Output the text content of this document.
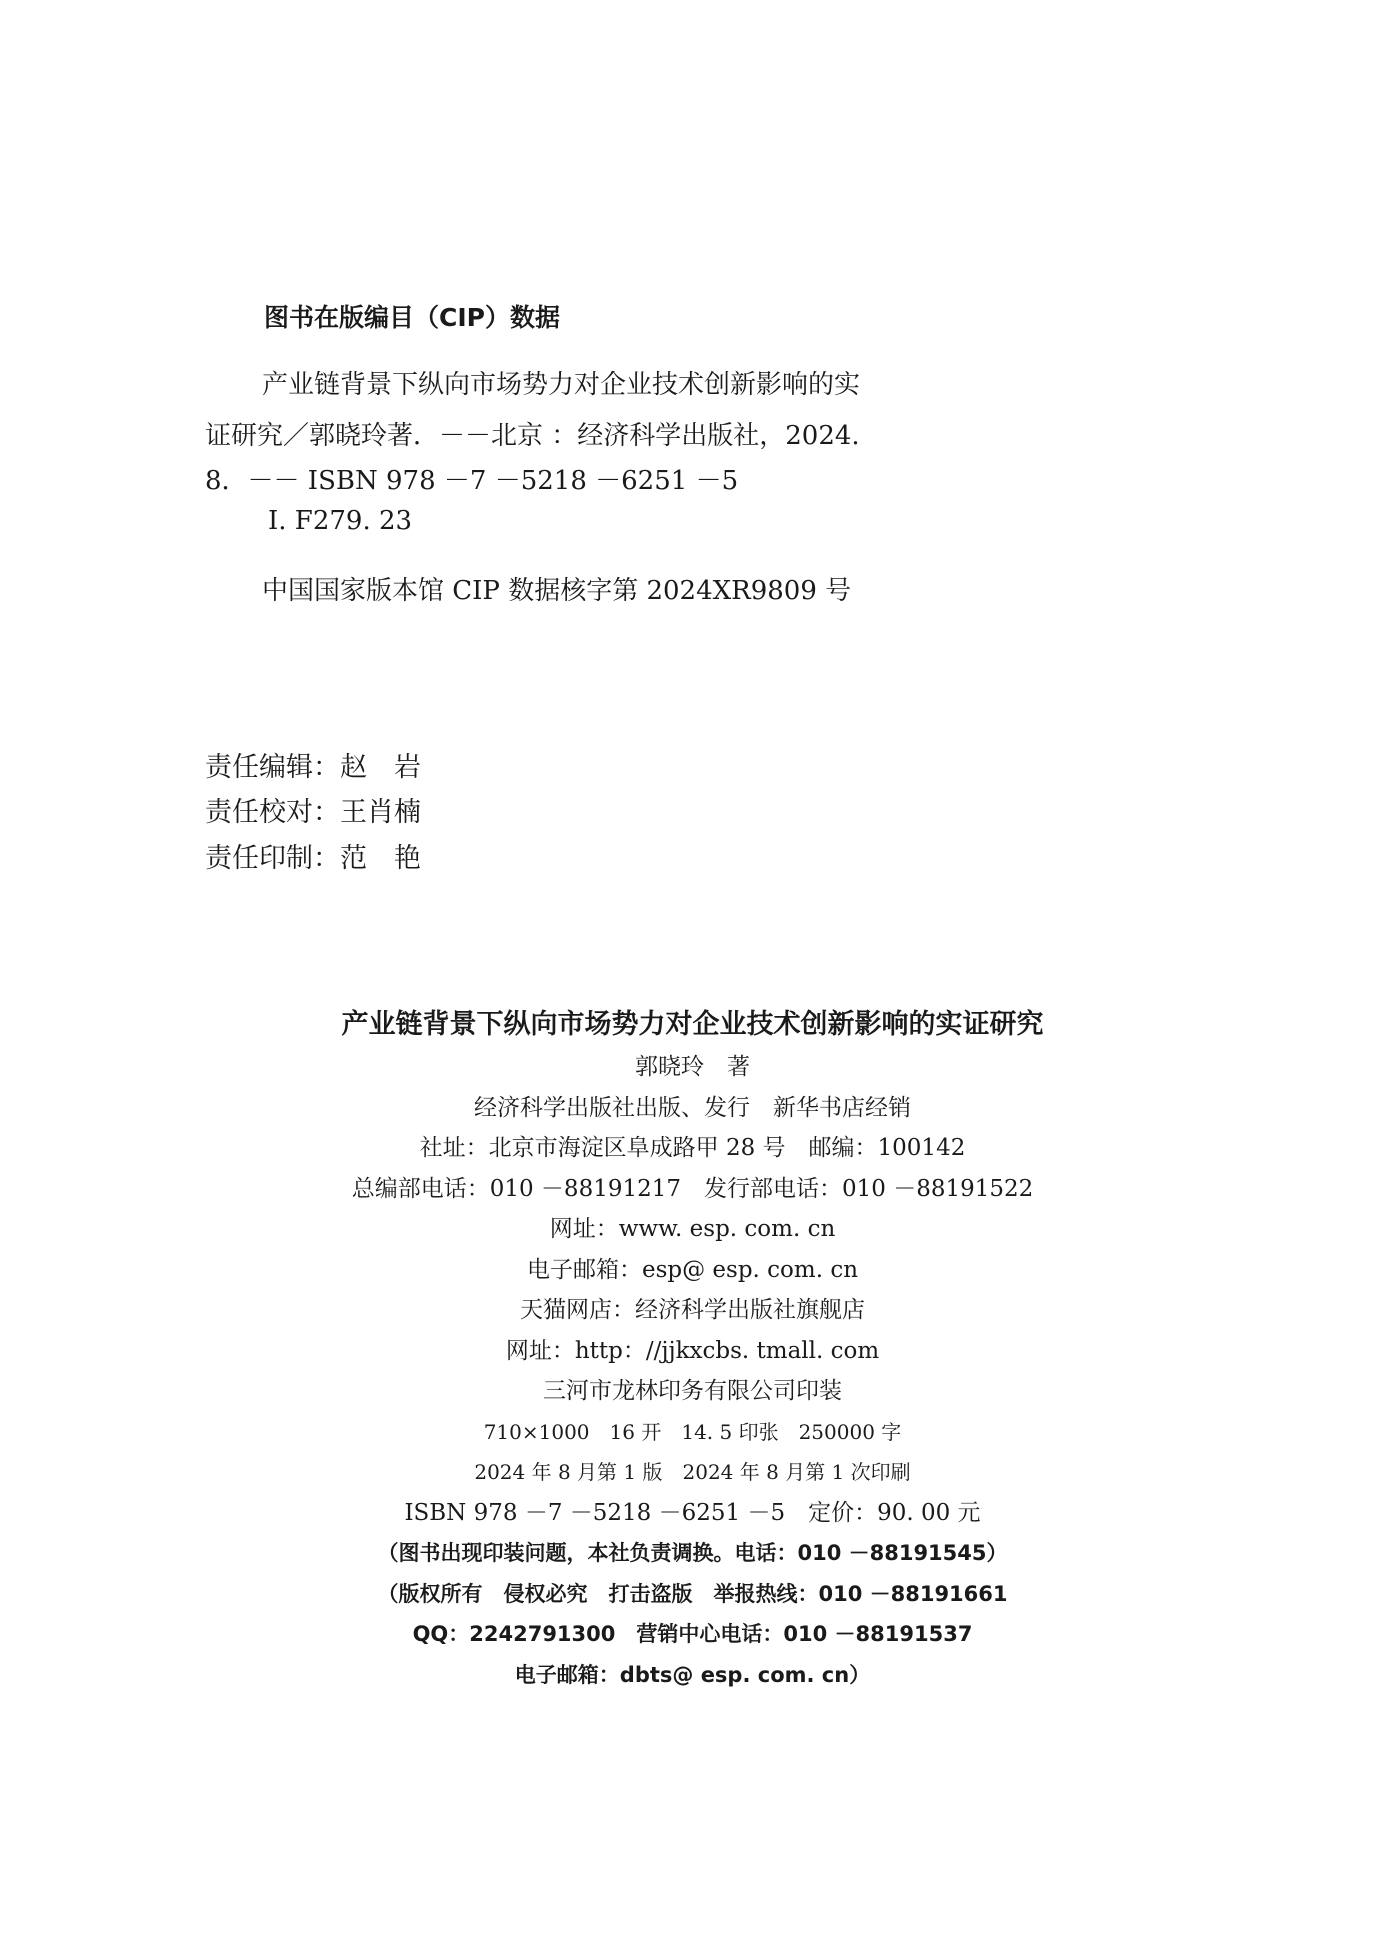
图书在版编目（CIP）数据
产业链背景下纵向市场势力对企业技术创新影响的实
证研究／郭晓玲著．－－北京 ：经济科学出版社，2024.
8．－－ ISBN 978 －7 －5218 －6251 －5
Ⅰ. F279. 23
中国国家版本馆 CIP 数据核字第 2024XR9809 号
责任编辑：赵　岩
责任校对：王肖楠
责任印制：范　艳
产业链背景下纵向市场势力对企业技术创新影响的实证研究
郭晓玲　著
经济科学出版社出版、发行　新华书店经销
社址：北京市海淀区阜成路甲 28 号　邮编：100142
总编部电话：010 －88191217　发行部电话：010 －88191522
网址：www. esp. com. cn
电子邮箱：esp@ esp. com. cn
天猫网店：经济科学出版社旗舰店
网址：http：//jjkxcbs. tmall. com
三河市龙林印务有限公司印装
710×1000　16 开　14. 5 印张　250000 字
2024 年 8 月第 1 版　2024 年 8 月第 1 次印刷
ISBN 978 －7 －5218 －6251 －5　定价：90. 00 元
（图书出现印装问题，本社负责调换。电话：010 －88191545）
（版权所有　侵权必究　打击盗版　举报热线：010 －88191661
QQ：2242791300　营销中心电话：010 －88191537
电子邮箱：dbts@ esp. com. cn）
